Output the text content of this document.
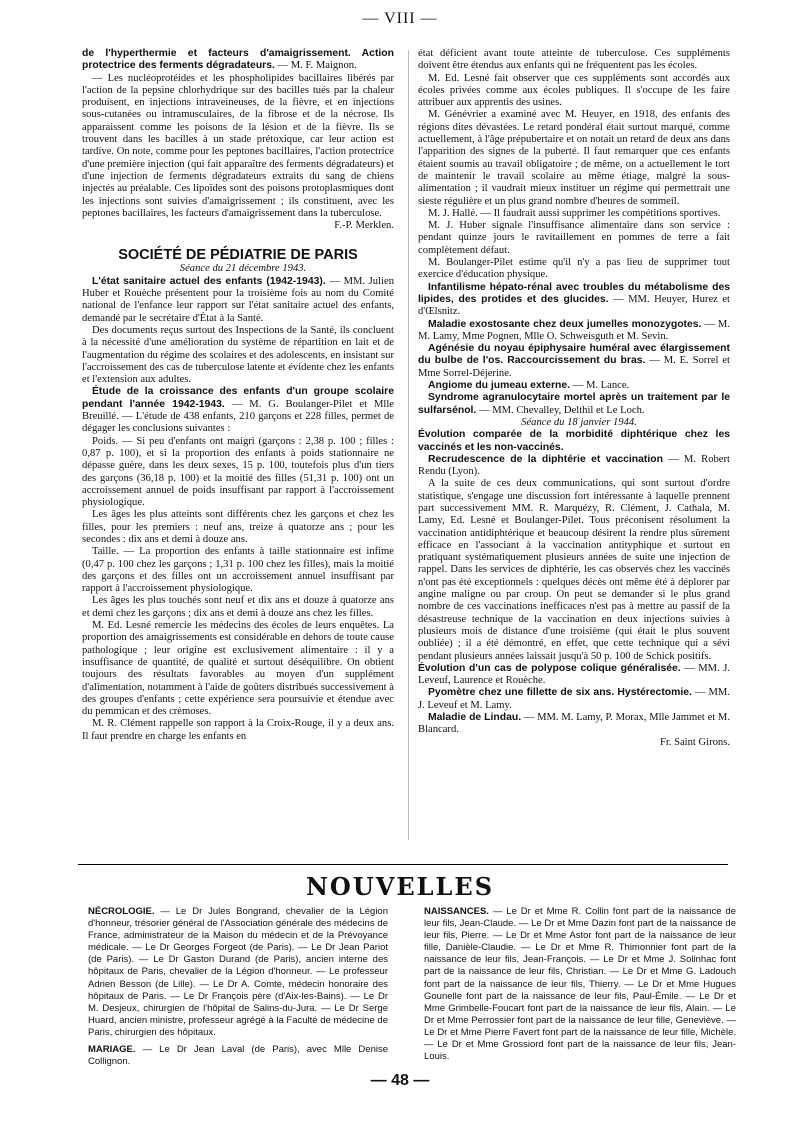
— VIII —

de l'hyperthermie et facteurs d'amaigrissement. Action protectrice des ferments dégradateurs. — M. F. Maignon.

— Les nucléoprotéides et les phospholipides bacillaires libérés par l'action de la pepsine chlorhydrique sur des bacilles tués par la chaleur produisent, en injections intraveineuses, de la fièvre, et en injections sous-cutanées ou intramusculaires, de la fibrose et de la nécrose. Ils apparaissent comme les poisons de la lésion et de la fièvre. Ils se trouvent dans les bacilles à un stade prétoxique, car leur action est tardive. On note, comme pour les peptones bacillaires, l'action protectrice d'une première injection (qui fait apparaître des ferments dégradateurs) et d'une injection de ferments dégradateurs extraits du sang de chiens injectés au préalable. Ces lipoïdes sont des poisons protoplasmiques dont les injections sont suivies d'amaigrissement ; ils constituent, avec les peptones bacillaires, les facteurs d'amaigrissement dans la tuberculose.

F.-P. Merklen.

SOCIÉTÉ DE PÉDIATRIE DE PARIS

Séance du 21 décembre 1943.

L'état sanitaire actuel des enfants (1942-1943). — MM. Julien Huber et Rouèche présentent pour la troisième fois au nom du Comité national de l'enfance leur rapport sur l'état sanitaire actuel des enfants, demandé par le secrétaire d'État à la Santé.

Des documents reçus surtout des Inspections de la Santé, ils concluent à la nécessité d'une amélioration du système de répartition en lait et de l'augmentation du régime des scolaires et des adolescents, en insistant sur l'accroissement des cas de tuberculose latente et évidente chez les enfants et l'extension aux adultes.

Étude de la croissance des enfants d'un groupe scolaire pendant l'année 1942-1943. — M. G. Boulanger-Pilet et Mlle Breuillé. — L'étude de 438 enfants, 210 garçons et 228 filles, permet de dégager les conclusions suivantes :

Poids. — Si peu d'enfants ont maigri (garçons : 2,38 p. 100 ; filles : 0,87 p. 100), et si la proportion des enfants à poids stationnaire ne dépasse guère, dans les deux sexes, 15 p. 100, toutefois plus d'un tiers des garçons (36,18 p. 100) et la moitié des filles (51,31 p. 100) ont un accroissement annuel de poids insuffisant par rapport à l'accroissement physiologique.

Les âges les plus atteints sont différents chez les garçons et chez les filles, pour les premiers : neuf ans, treize à quatorze ans ; pour les secondes : dix ans et demi à douze ans.

Taille. — La proportion des enfants à taille stationnaire est infime (0,47 p. 100 chez les garçons ; 1,31 p. 100 chez les filles), mais la moitié des garçons et des filles ont un accroissement annuel insuffisant par rapport à l'accroissement physiologique.

Les âges les plus touchés sont neuf et dix ans et douze à quatorze ans et demi chez les garçons ; dix ans et demi à douze ans chez les filles.

M. Ed. Lesné remercie les médecins des écoles de leurs enquêtes. La proportion des amaigrissements est considérable en dehors de toute cause pathologique ; leur origine est exclusivement alimentaire : il y a insuffisance de quantité, de qualité et surtout déséquilibre. On obtient toujours des résultats favorables au moyen d'un supplément d'alimentation, notamment à l'aide de goûters distribués successivement à des groupes d'enfants ; cette expérience sera poursuivie et étendue avec du pemmican et des crèmoses.

M. R. Clément rappelle son rapport à la Croix-Rouge, il y a deux ans. Il faut prendre en charge les enfants en

état déficient avant toute atteinte de tuberculose. Ces suppléments doivent être étendus aux enfants qui ne fréquentent pas les écoles.

M. Ed. Lesné fait observer que ces suppléments sont accordés aux écoles privées comme aux écoles publiques. Il s'occupe de les faire attribuer aux apprentis des usines.

M. Génévrier a examiné avec M. Heuyer, en 1918, des enfants des régions dites dévastées. Le retard pondéral était surtout marqué, comme actuellement, à l'âge prépubertaire et on notait un retard de deux ans dans l'apparition des signes de la puberté. Il faut remarquer que ces enfants étaient soumis au travail obligatoire ; de même, on a actuellement le tort de maintenir le travail scolaire au même étiage, malgré la sous-alimentation ; il vaudrait mieux instituer un régime qui permettrait une sieste régulière et un plus grand nombre d'heures de sommeil.

M. J. Hallé. — Il faudrait aussi supprimer les compétitions sportives.

M. J. Huber signale l'insuffisance alimentaire dans son service : pendant quinze jours le ravitaillement en pommes de terre a fait complètement défaut.

M. Boulanger-Pilet estime qu'il n'y a pas lieu de supprimer tout exercice d'éducation physique.

Infantilisme hépato-rénal avec troubles du métabolisme des lipides, des protides et des glucides. — MM. Heuyer, Hurez et d'Œlsnitz.

Maladie exostosante chez deux jumelles monozygotes. — M. M. Lamy, Mme Pognen, Mlle O. Schweisguth et M. Sevin.

Agénésie du noyau épiphysaire huméral avec élargissement du bulbe de l'os. Raccourcissement du bras. — M. E. Sorrel et Mme Sorrel-Déjerine.

Angiome du jumeau externe. — M. Lance.

Syndrome agranulocytaire mortel après un traitement par le sulfarsénol. — MM. Chevalley, Delthil et Le Loch.

Séance du 18 janvier 1944.

Évolution comparée de la morbidité diphtérique chez les vaccinés et les non-vaccinés.

Recrudescence de la diphtérie et vaccination — M. Robert Rendu (Lyon).

A la suite de ces deux communications, qui sont surtout d'ordre statistique, s'engage une discussion fort intéressante à laquelle prennent part successivement MM. R. Marquézy, R. Clément, J. Cathala, M. Lamy, Ed. Lesné et Boulanger-Pilet. Tous préconisent résolument la vaccination antidiphtérique et beaucoup désirent la rendre plus sûrement efficace en l'associant à la vaccination antityphique et surtout en pratiquant systématiquement plusieurs années de suite une injection de rappel. Dans les services de diphtérie, les cas observés chez les vaccinés n'ont pas été exceptionnels : quelques décès ont même été à déplorer par angine maligne ou par croup. On peut se demander si le plus grand nombre de ces vaccinations inefficaces n'est pas à mettre au passif de la désastreuse technique de la vaccination en deux injections suivies à plusieurs mois de distance d'une troisième (qui était le plus souvent oubliée) ; il a été démontré, en effet, que cette technique qui a sévi pendant plusieurs années laissait jusqu'à 50 p. 100 de Schick positifs.

Évolution d'un cas de polypose colique généralisée. — MM. J. Leveuf, Laurence et Rouèche.

Pyomètre chez une fillette de six ans. Hystérectomie. — MM. J. Leveuf et M. Lamy.

Maladie de Lindau. — MM. M. Lamy, P. Morax, Mlle Jammet et M. Blancard.

Fr. Saint Girons.

NOUVELLES

NÉCROLOGIE. — Le Dr Jules Bongrand, chevalier de la Légion d'honneur, trésorier général de l'Association générale des médecins de France, administrateur de la Maison du médecin et de la Prévoyance médicale. — Le Dr Georges Forgeot (de Paris). — Le Dr Jean Pariot (de Paris). — Le Dr Gaston Durand (de Paris), ancien interne des hôpitaux de Paris, chevalier de la Légion d'honneur. — Le professeur Adrien Besson (de Lille). — Le Dr A. Comte, médecin honoraire des hôpitaux de Paris. — Le Dr François père (d'Aix-les-Bains). — Le Dr M. Desjeux, chirurgien de l'hôpital de Salins-du-Jura. — Le Dr Serge Huard, ancien ministre, professeur agrégé à la Faculté de médecine de Paris, chirurgien des hôpitaux.

MARIAGE. — Le Dr Jean Laval (de Paris), avec Mlle Denise Collignon.

NAISSANCES. — Le Dr et Mme R. Collin font part de la naissance de leur fils, Jean-Claude. — Le Dr et Mme Dazin font part de la naissance de leur fils, Pierre. — Le Dr et Mme Astor font part de la naissance de leur fille, Danièle-Claudie. — Le Dr et Mme R. Thimonnier font part de la naissance de leur fils, Jean-François. — Le Dr et Mme J. Solinhac font part de la naissance de leur fils, Christian. — Le Dr et Mme G. Ladouch font part de la naissance de leur fils, Thierry. — Le Dr et Mme Hugues Gounelle font part de la naissance de leur fils, Paul-Émile. — Le Dr et Mme Grimbelle-Foucart font part de la naissance de leur fils, Alain. — Le Dr et Mme Perrossier font part de la naissance de leur fille, Geneviève. — Le Dr et Mme Pierre Favert font part de la naissance de leur fille, Michèle. — Le Dr et Mme Grossiord font part de la naissance de leur fils, Jean-Louis.

— 48 —
